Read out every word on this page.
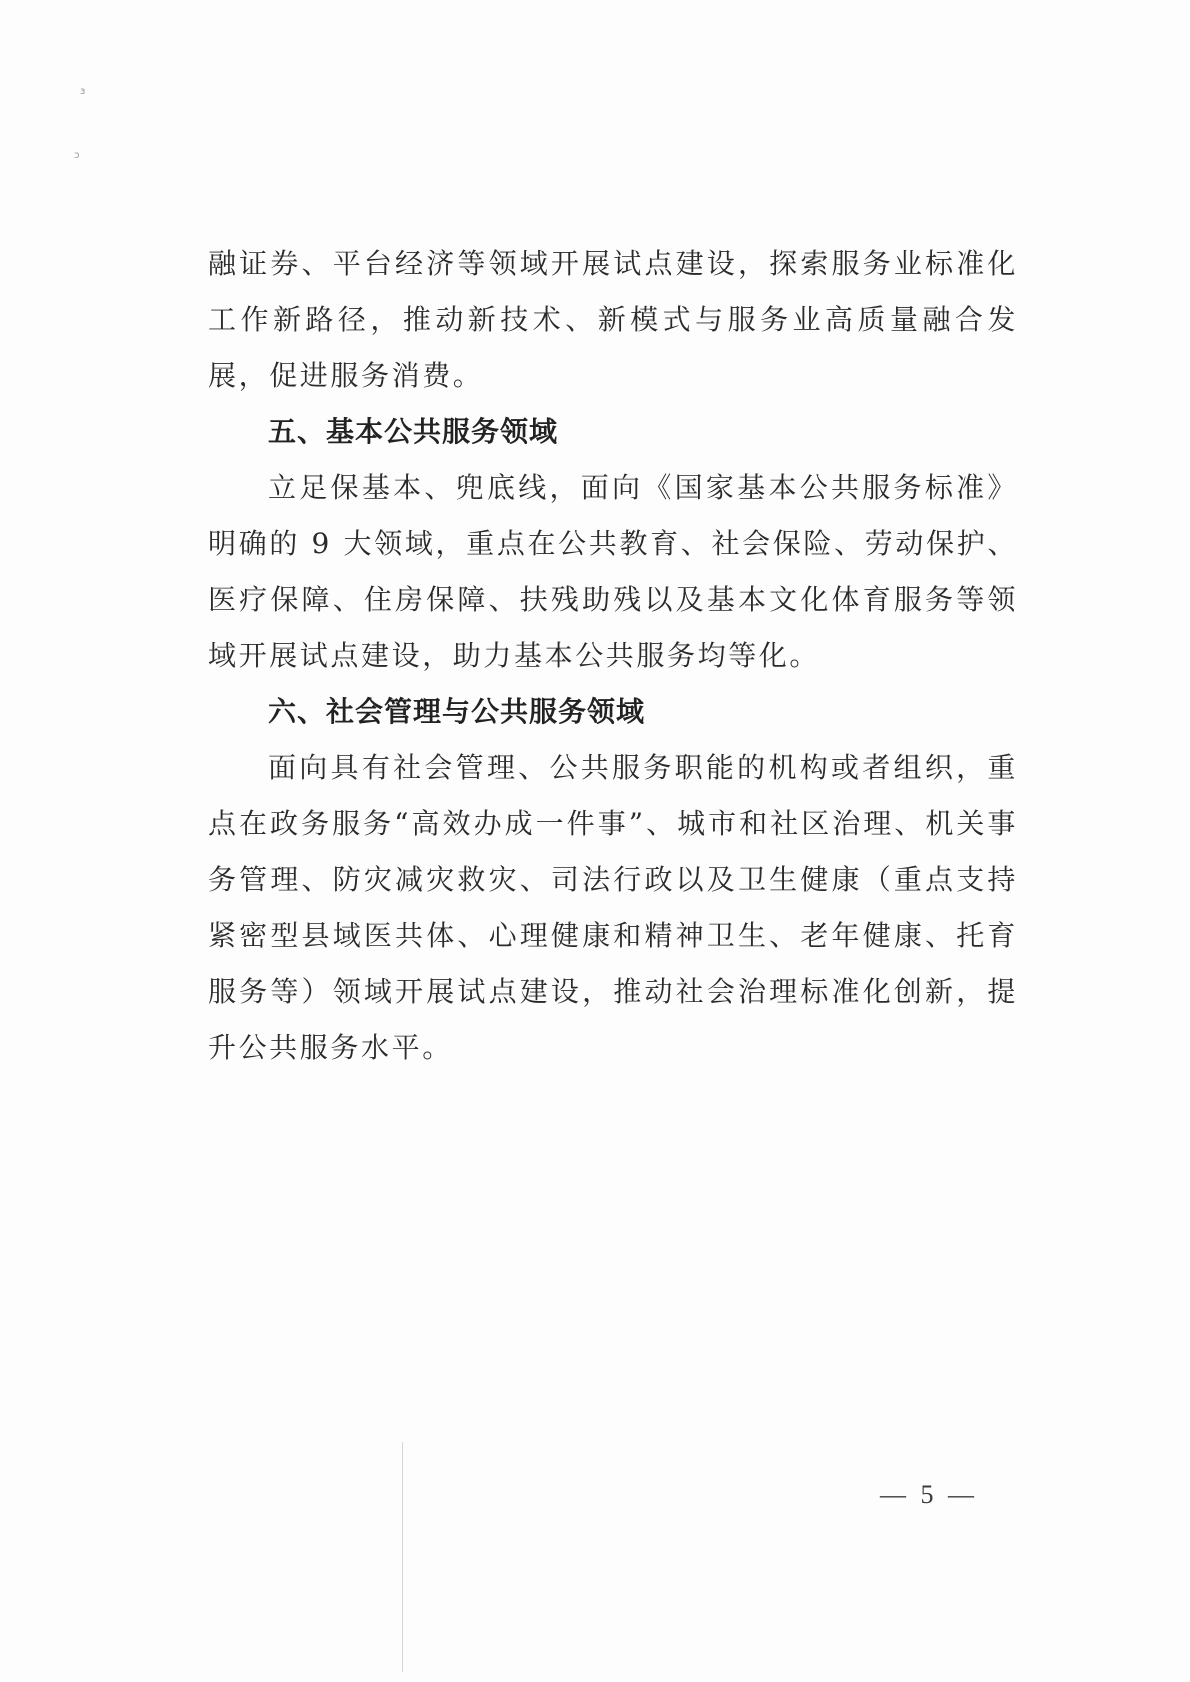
ɜ
ɔ

融证券、平台经济等领域开展试点建设，探索服务业标准化工作新路径，推动新技术、新模式与服务业高质量融合发展，促进服务消费。

五、基本公共服务领域

立足保基本、兜底线，面向《国家基本公共服务标准》明确的 9 大领域，重点在公共教育、社会保险、劳动保护、医疗保障、住房保障、扶残助残以及基本文化体育服务等领域开展试点建设，助力基本公共服务均等化。

六、社会管理与公共服务领域

面向具有社会管理、公共服务职能的机构或者组织，重点在政务服务“高效办成一件事”、城市和社区治理、机关事务管理、防灾减灾救灾、司法行政以及卫生健康（重点支持紧密型县域医共体、心理健康和精神卫生、老年健康、托育服务等）领域开展试点建设，推动社会治理标准化创新，提升公共服务水平。

— 5 —
